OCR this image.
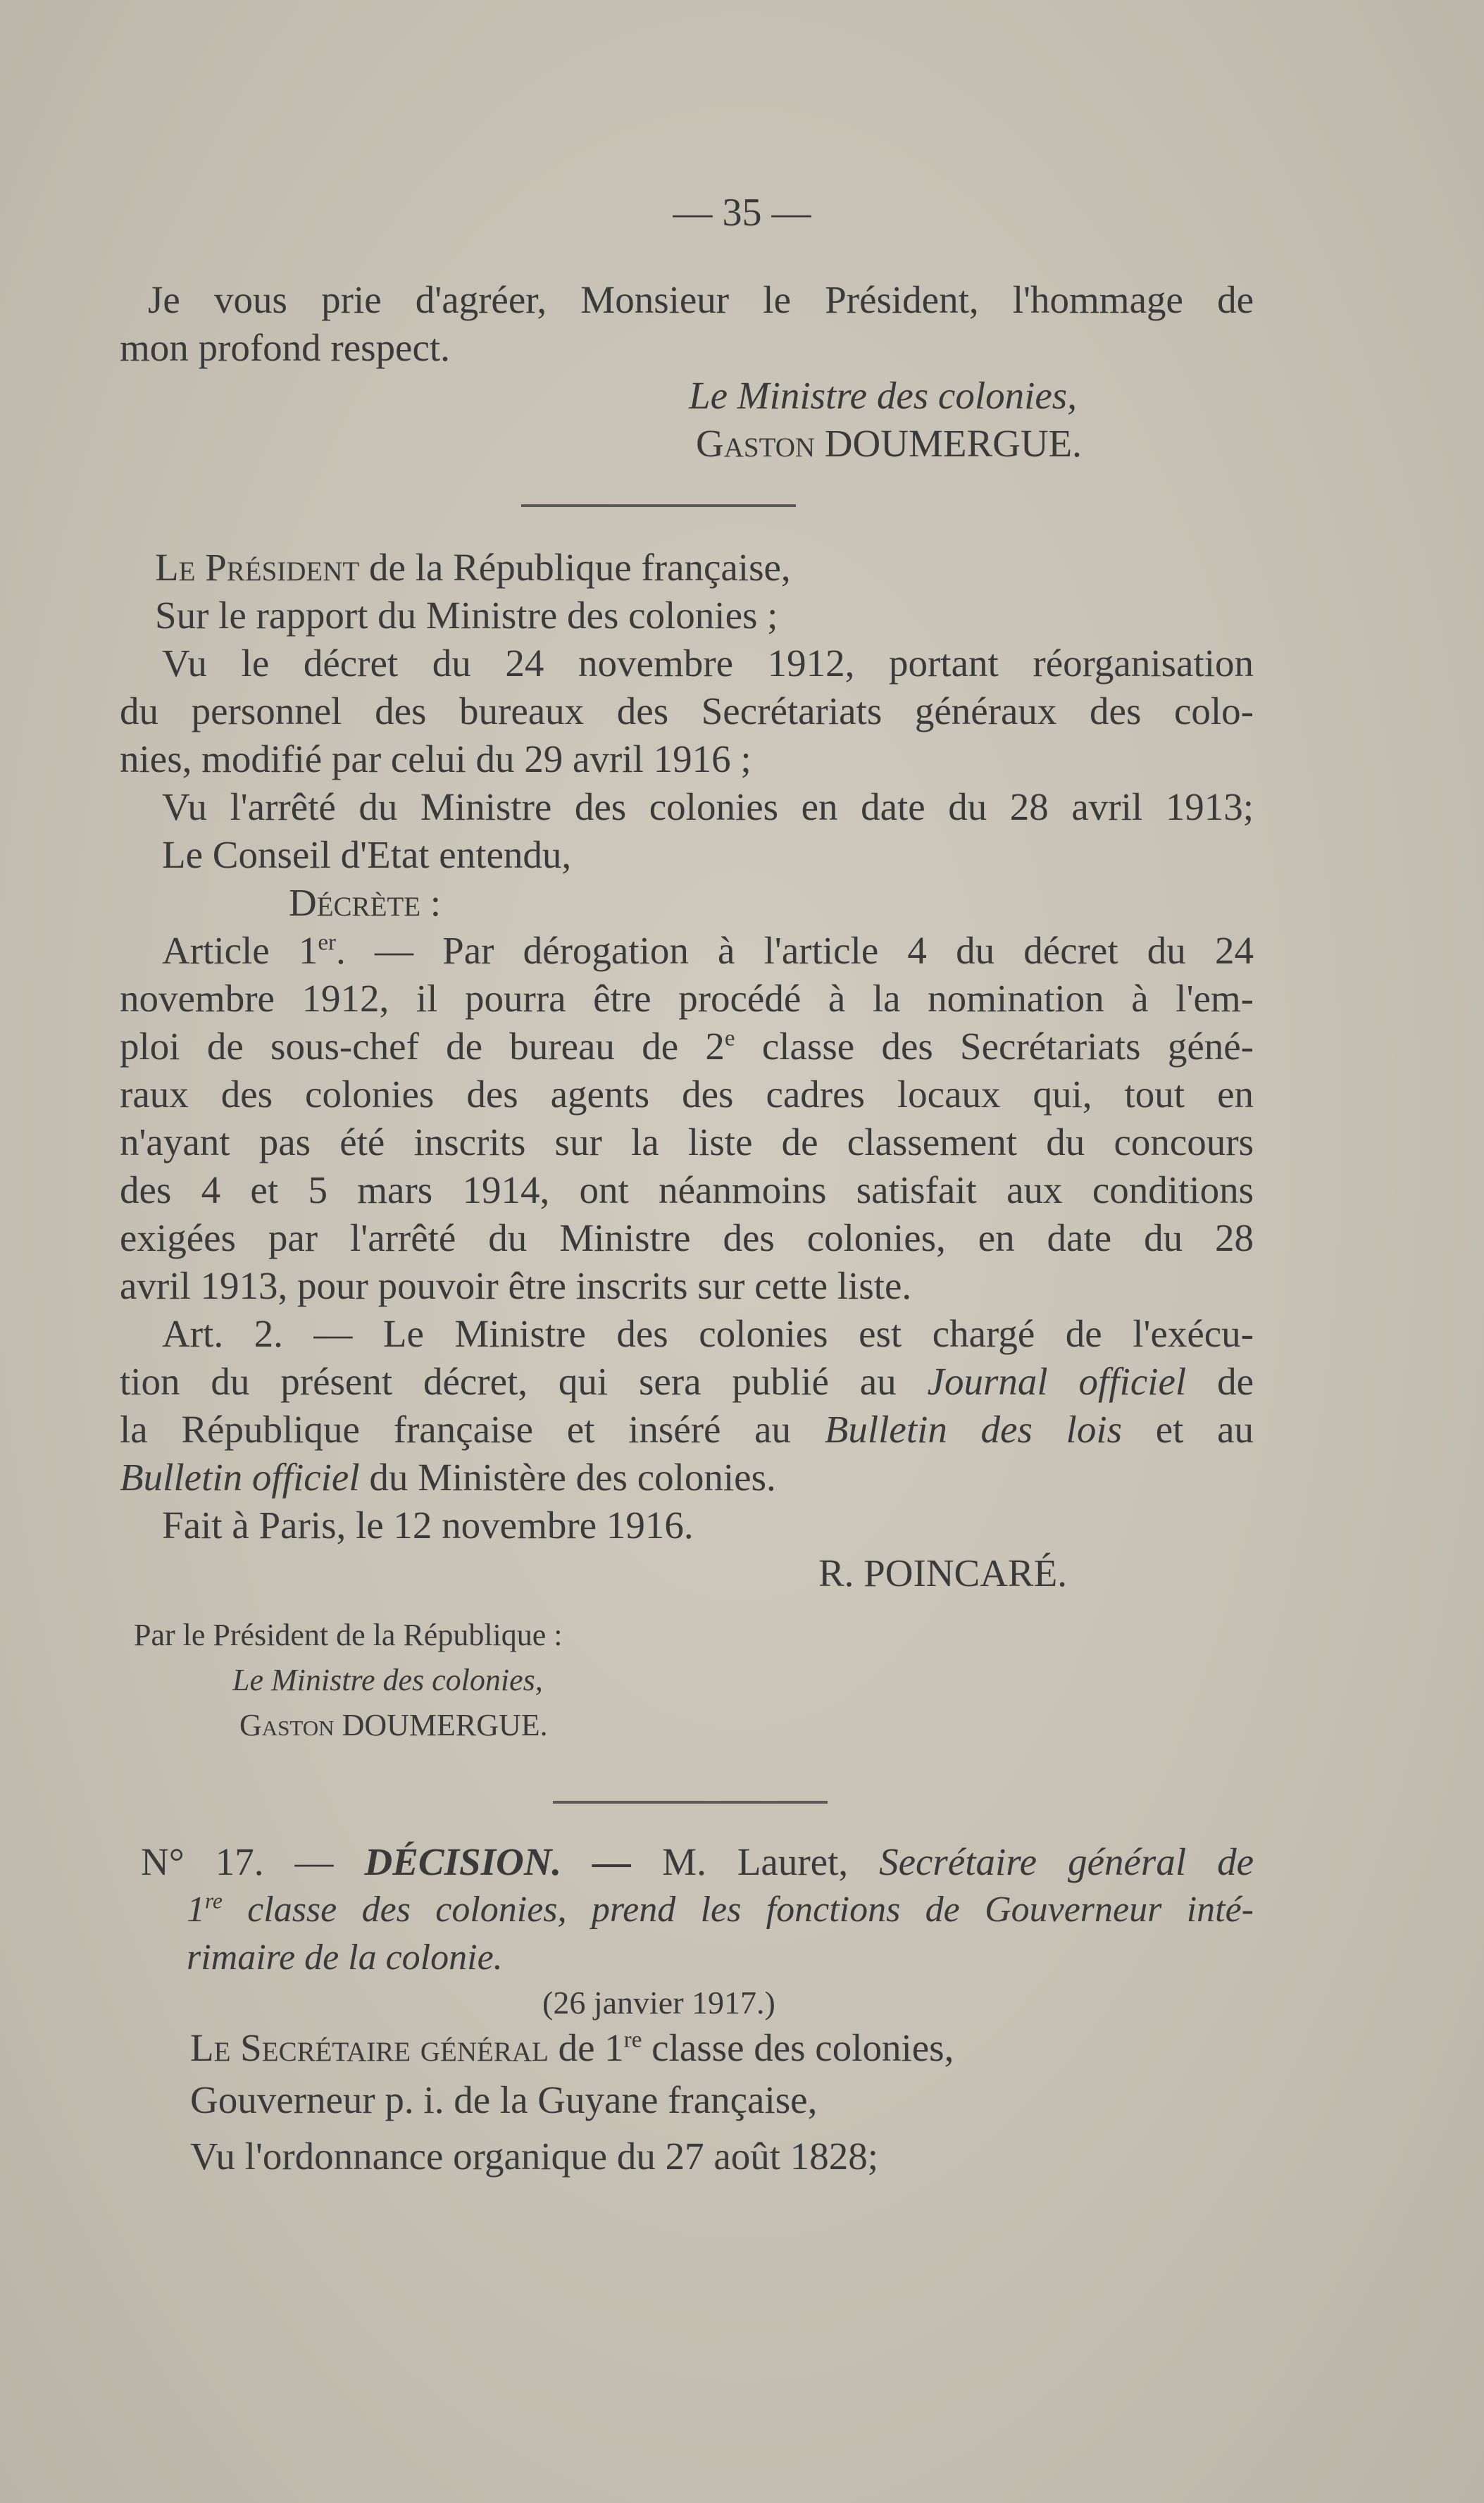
— 35 —
Je vous prie d'agréer, Monsieur le Président, l'hommage de
mon profond respect.
Le Ministre des colonies,
Gaston DOUMERGUE.
Le Président de la République française,
Sur le rapport du Ministre des colonies ;
Vu le décret du 24 novembre 1912, portant réorganisation
du personnel des bureaux des Secrétariats généraux des colo-
nies, modifié par celui du 29 avril 1916 ;
Vu l'arrêté du Ministre des colonies en date du 28 avril 1913;
Le Conseil d'Etat entendu,
Décrète :
Article 1er. — Par dérogation à l'article 4 du décret du 24
novembre 1912, il pourra être procédé à la nomination à l'em-
ploi de sous-chef de bureau de 2e classe des Secrétariats géné-
raux des colonies des agents des cadres locaux qui, tout en
n'ayant pas été inscrits sur la liste de classement du concours
des 4 et 5 mars 1914, ont néanmoins satisfait aux conditions
exigées par l'arrêté du Ministre des colonies, en date du 28
avril 1913, pour pouvoir être inscrits sur cette liste.
Art. 2. — Le Ministre des colonies est chargé de l'exécu-
tion du présent décret, qui sera publié au Journal officiel de
la République française et inséré au Bulletin des lois et au
Bulletin officiel du Ministère des colonies.
Fait à Paris, le 12 novembre 1916.
R. POINCARÉ.
Par le Président de la République :
Le Ministre des colonies,
Gaston DOUMERGUE.
N° 17. — DÉCISION. — M. Lauret, Secrétaire général de
1re classe des colonies, prend les fonctions de Gouverneur inté-
rimaire de la colonie.
(26 janvier 1917.)
Le Secrétaire général de 1re classe des colonies,
Gouverneur p. i. de la Guyane française,
Vu l'ordonnance organique du 27 août 1828;
